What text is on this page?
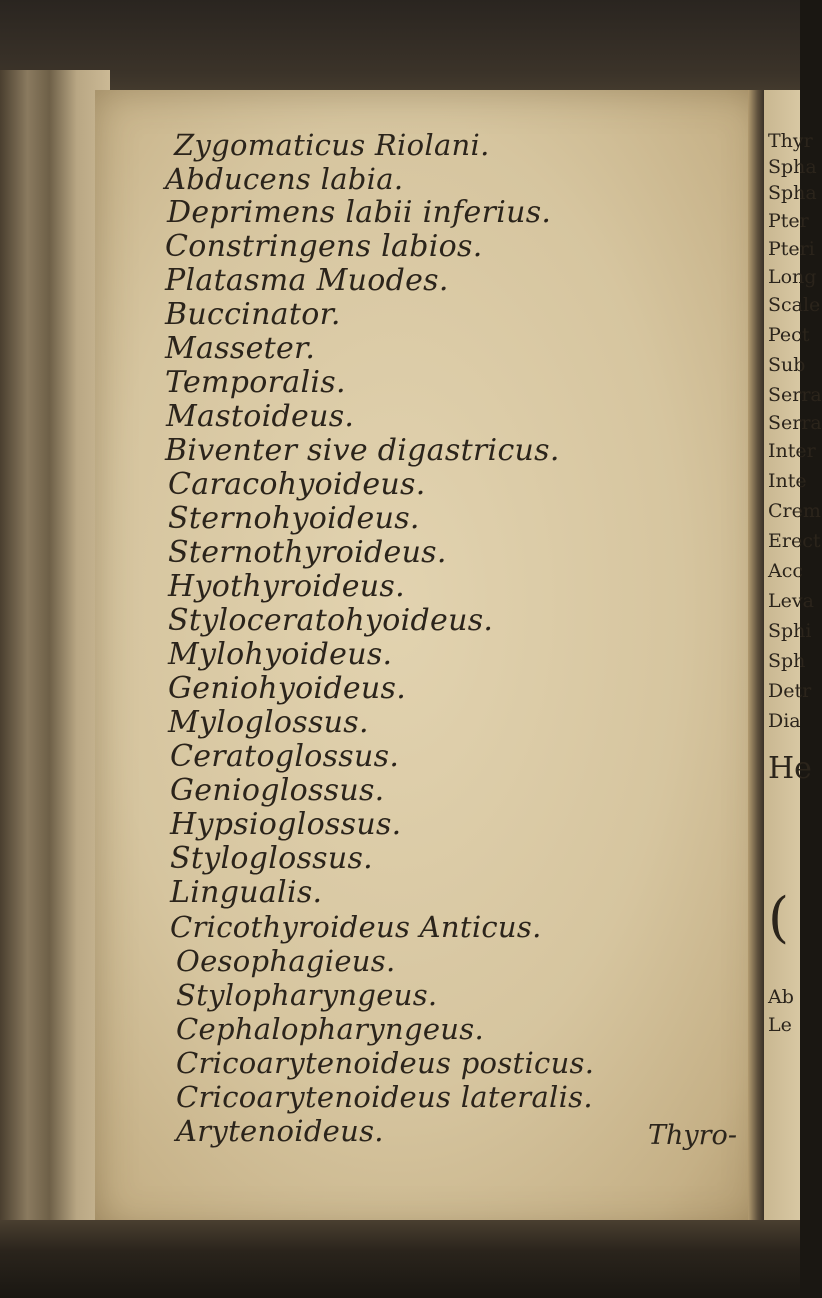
Zygomaticus Riolani.
Abducens labia.
Deprimens labii inferius.
Constringens labios.
Platasma Muodes.
Buccinator.
Masseter.
Temporalis.
Mastoideus.
Biventer sive digastricus.
Caracohyoideus.
Sternohyoideus.
Sternothyroideus.
Hyothyroideus.
Styloceratohyoideus.
Mylohyoideus.
Geniohyoideus.
Myloglossus.
Ceratoglossus.
Genioglossus.
Hypsioglossus.
Styloglossus.
Lingualis.
Cricothyroideus Anticus.
Oesophagieus.
Stylopharyngeus.
Cephalopharyngeus.
Cricoarytenoideus posticus.
Cricoarytenoideus lateralis.
Arytenoideus.	Thyro-
Thyr
Spha
Spha
Pter
Pteri
Long
Scale
Pect
Sub
Serra
Serra
Inter
Inte
Crem
Erect
Acc
Leva
Sphi
Sph
Detr
Dia
He
(
Ab
Le
